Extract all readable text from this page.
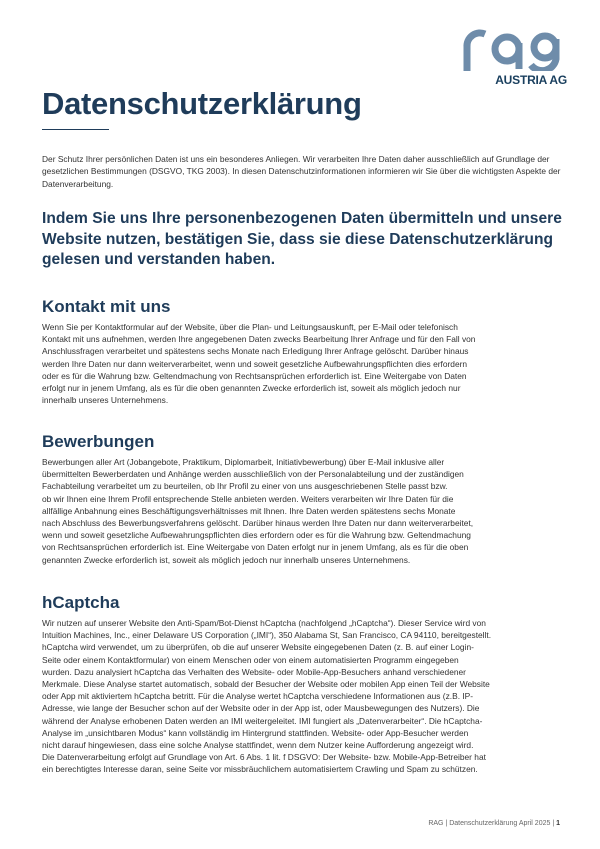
AUSTRIA AG
Datenschutzerklärung

Der Schutz Ihrer persönlichen Daten ist uns ein besonderes Anliegen. Wir verarbeiten Ihre Daten daher ausschließlich auf Grundlage der gesetzlichen Bestimmungen (DSGVO, TKG 2003). In diesen Datenschutzinformationen informieren wir Sie über die wichtigsten Aspekte der Datenverarbeitung.

Indem Sie uns Ihre personenbezogenen Daten übermitteln und unsere Website nutzen, bestätigen Sie, dass sie diese Datenschutzerklärung gelesen und verstanden haben.

Kontakt mit uns
Wenn Sie per Kontaktformular auf der Website, über die Plan- und Leitungsauskunft, per E-Mail oder telefonisch
Kontakt mit uns aufnehmen, werden Ihre angegebenen Daten zwecks Bearbeitung Ihrer Anfrage und für den Fall von
Anschlussfragen verarbeitet und spätestens sechs Monate nach Erledigung Ihrer Anfrage gelöscht. Darüber hinaus
werden Ihre Daten nur dann weiterverarbeitet, wenn und soweit gesetzliche Aufbewahrungspflichten dies erfordern
oder es für die Wahrung bzw. Geltendmachung von Rechtsansprüchen erforderlich ist. Eine Weitergabe von Daten
erfolgt nur in jenem Umfang, als es für die oben genannten Zwecke erforderlich ist, soweit als möglich jedoch nur
innerhalb unseres Unternehmens.
Bewerbungen
Bewerbungen aller Art (Jobangebote, Praktikum, Diplomarbeit, Initiativbewerbung) über E-Mail inklusive aller
übermittelten Bewerberdaten und Anhänge werden ausschließlich von der Personalabteilung und der zuständigen
Fachabteilung verarbeitet um zu beurteilen, ob Ihr Profil zu einer von uns ausgeschriebenen Stelle passt bzw.
ob wir Ihnen eine Ihrem Profil entsprechende Stelle anbieten werden. Weiters verarbeiten wir Ihre Daten für die
allfällige Anbahnung eines Beschäftigungsverhältnisses mit Ihnen. Ihre Daten werden spätestens sechs Monate
nach Abschluss des Bewerbungsverfahrens gelöscht. Darüber hinaus werden Ihre Daten nur dann weiterverarbeitet,
wenn und soweit gesetzliche Aufbewahrungspflichten dies erfordern oder es für die Wahrung bzw. Geltendmachung
von Rechtsansprüchen erforderlich ist. Eine Weitergabe von Daten erfolgt nur in jenem Umfang, als es für die oben
genannten Zwecke erforderlich ist, soweit als möglich jedoch nur innerhalb unseres Unternehmens.
hCaptcha
Wir nutzen auf unserer Website den Anti-Spam/Bot-Dienst hCaptcha (nachfolgend „hCaptcha“). Dieser Service wird von
Intuition Machines, Inc., einer Delaware US Corporation („IMI“), 350 Alabama St, San Francisco, CA 94110, bereitgestellt.
hCaptcha wird verwendet, um zu überprüfen, ob die auf unserer Website eingegebenen Daten (z. B. auf einer Login-
Seite oder einem Kontaktformular) von einem Menschen oder von einem automatisierten Programm eingegeben
wurden. Dazu analysiert hCaptcha das Verhalten des Website- oder Mobile-App-Besuchers anhand verschiedener
Merkmale. Diese Analyse startet automatisch, sobald der Besucher der Website oder mobilen App einen Teil der Website
oder App mit aktiviertem hCaptcha betritt. Für die Analyse wertet hCaptcha verschiedene Informationen aus (z.B. IP-
Adresse, wie lange der Besucher schon auf der Website oder in der App ist, oder Mausbewegungen des Nutzers). Die
während der Analyse erhobenen Daten werden an IMI weitergeleitet. IMI fungiert als „Datenverarbeiter“. Die hCaptcha-
Analyse im „unsichtbaren Modus“ kann vollständig im Hintergrund stattfinden. Website- oder App-Besucher werden
nicht darauf hingewiesen, dass eine solche Analyse stattfindet, wenn dem Nutzer keine Aufforderung angezeigt wird.
Die Datenverarbeitung erfolgt auf Grundlage von Art. 6 Abs. 1 lit. f DSGVO: Der Website- bzw. Mobile-App-Betreiber hat
ein berechtigtes Interesse daran, seine Seite vor missbräuchlichem automatisiertem Crawling und Spam zu schützen.
RAG | Datenschutzerklärung April 2025 | 1
